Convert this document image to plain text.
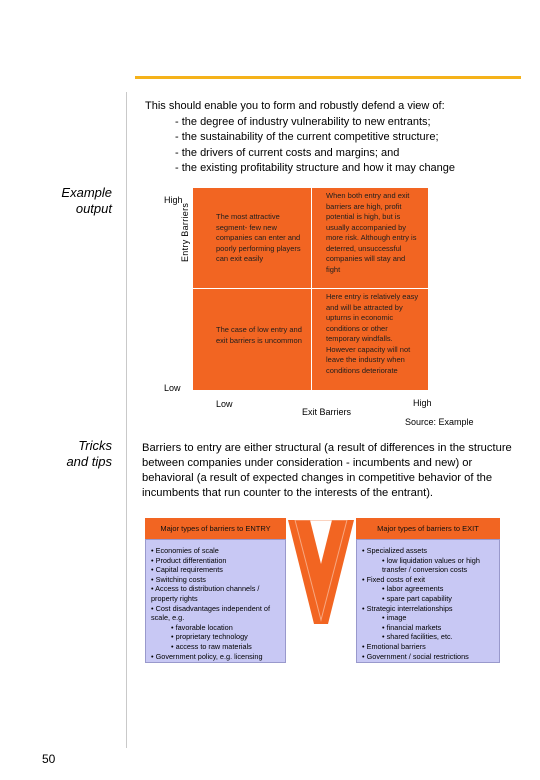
This should enable you to form and robustly defend a view of:
- the degree of industry vulnerability to new entrants;
- the sustainability of the current competitive structure;
- the drivers of current costs and margins; and
- the existing profitability structure and how it may change
Example
output	Entry Barriers
High
Low
The most attractive segment- few new companies can enter and poorly performing players can exit easily
When both entry and exit barriers are high, profit potential is high, but is usually accompanied by more risk. Although entry is deterred, unsuccessful companies will stay and fight
The case of low entry and exit barriers is uncommon
Here entry is relatively easy and will be attracted by upturns in economic conditions or other temporary windfalls. However capacity will not leave the industry when conditions deteriorate
Low	High
Exit Barriers
Source: Example
Tricks
and tips
Barriers to entry are either structural (a result of differences in the structure between companies under consideration - incumbents and new) or behavioral (a result of expected changes in competitive behavior of the incumbents that run counter to the interests of the entrant).
Major types of barriers to ENTRY
• Economies of scale
• Product differentiation
• Capital requirements
• Switching costs
• Access to distribution channels /
property rights
• Cost disadvantages independent of
scale, e.g.
• favorable location
• proprietary technology
• access to raw materials
• Government policy, e.g. licensing
Major types of barriers to EXIT
• Specialized assets
• low liquidation values or high
transfer / conversion costs
• Fixed costs of exit
• labor agreements
• spare part capability
• Strategic interrelationships
• image
• financial markets
• shared facilities, etc.
• Emotional barriers
• Government / social restrictions
50
